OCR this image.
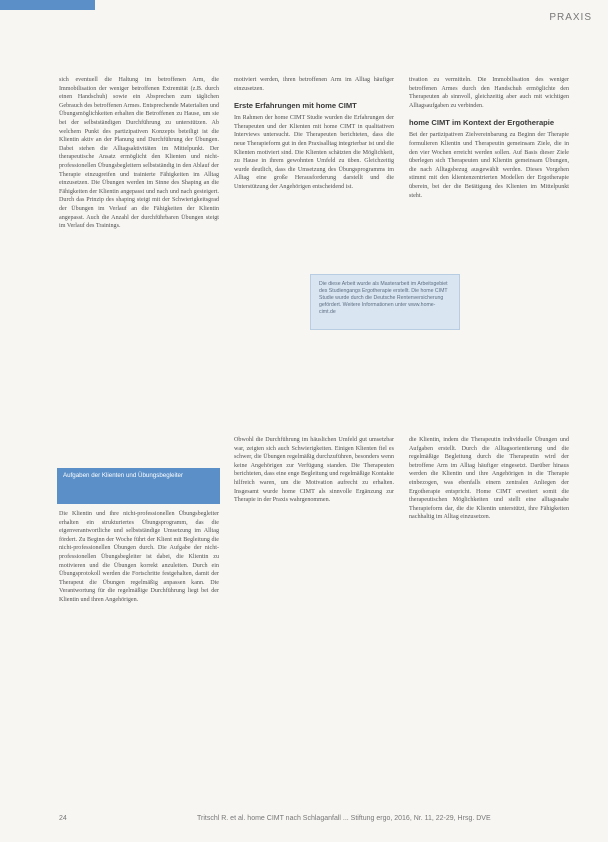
PRAXIS

sich eventuell die Haltung im betroffenen Arm, die Immobilisation der weniger betroffenen Extremität (z.B. durch einen Handschuh) sowie ein Absprechen zum täglichen Gebrauch des betroffenen Armes. Entsprechende Materialien und Übungsmöglichkeiten erhalten die Betroffenen zu Hause, um sie bei der selbstständigen Durchführung zu unterstützen. Ab welchem Punkt des partizipativen Konzepts beteiligt ist die Klientin aktiv an der Planung und Durchführung der Übungen. Dabei stehen die Alltagsaktivitäten im Mittelpunkt. Der therapeutische Ansatz ermöglicht den Klienten und nicht-professionellen Übungsbegleitern selbstständig in den Ablauf der Therapie einzugreifen und trainierte Fähigkeiten im Alltag einzusetzen. Die Übungen werden im Sinne des Shaping an die Fähigkeiten der Klientin angepasst und nach und nach gesteigert. Durch das Prinzip des shaping steigt mit der Schwierigkeitsgrad der Übungen im Verlauf an die Fähigkeiten der Klientin angepasst. Auch die Anzahl der durchführbaren Übungen steigt im Verlauf des Trainings.

Aufgaben der Klienten und Übungsbegleiter

Die Klientin und ihre nicht-professionellen Übungsbegleiter erhalten ein strukturiertes Übungsprogramm, das die eigenverantwortliche und selbstständige Umsetzung im Alltag fördert. Zu Beginn der Woche führt der Klient mit Begleitung die nicht-professionellen Übungen durch. Die Aufgabe der nicht-professionellen Übungsbegleiter ist dabei, die Klientin zu motivieren und die Übungen korrekt anzuleiten. Durch ein Übungsprotokoll werden die Fortschritte festgehalten, damit der Therapeut die Übungen regelmäßig anpassen kann. Die Verantwortung für die regelmäßige Durchführung liegt bei der Klientin und ihren Angehörigen.

motiviert werden, ihren betroffenen Arm im Alltag häufiger einzusetzen.

Erste Erfahrungen mit home CIMT

Im Rahmen der home CIMT Studie wurden die Erfahrungen der Therapeuten und der Klienten mit home CIMT in qualitativen Interviews untersucht. Die Therapeuten berichteten, dass die neue Therapieform gut in den Praxisalltag integrierbar ist und die Klienten motiviert sind. Die Klienten schätzten die Möglichkeit, zu Hause in ihrem gewohnten Umfeld zu üben. Gleichzeitig wurde deutlich, dass die Umsetzung des Übungsprogramms im Alltag eine große Herausforderung darstellt und die Unterstützung der Angehörigen entscheidend ist.

Obwohl die Durchführung im häuslichen Umfeld gut umsetzbar war, zeigten sich auch Schwierigkeiten. Einigen Klienten fiel es schwer, die Übungen regelmäßig durchzuführen, besonders wenn keine Angehörigen zur Verfügung standen. Die Therapeuten berichteten, dass eine enge Begleitung und regelmäßige Kontakte hilfreich waren, um die Motivation aufrecht zu erhalten. Insgesamt wurde home CIMT als sinnvolle Ergänzung zur Therapie in der Praxis wahrgenommen.

Die diese Arbeit wurde als Masterarbeit im Arbeitsgebiet des Studiengangs Ergotherapie erstellt. Die home CIMT Studie wurde durch die Deutsche Rentenversicherung gefördert. Weitere Informationen unter www.home-cimt.de

tivation zu vermitteln. Die Immobilisation des weniger betroffenen Armes durch den Handschuh ermöglichte den Therapeuten ab sinnvoll, gleichzeitig aber auch mit wichtigen Alltagsaufgaben zu verbinden.

home CIMT im Kontext der Ergotherapie

Bei der partizipativen Zielvereinbarung zu Beginn der Therapie formulieren Klientin und Therapeutin gemeinsam Ziele, die in den vier Wochen erreicht werden sollen. Auf Basis dieser Ziele überlegen sich Therapeuten und Klientin gemeinsam Übungen, die nach Alltagsbezug ausgewählt werden. Dieses Vorgehen stimmt mit den klientenzentrierten Modellen der Ergotherapie überein, bei der die Betätigung des Klienten im Mittelpunkt steht.

die Klientin, indem die Therapeutin individuelle Übungen und Aufgaben erstellt. Durch die Alltagsorientierung und die regelmäßige Begleitung durch die Therapeutin wird der betroffene Arm im Alltag häufiger eingesetzt. Darüber hinaus werden die Klientin und ihre Angehörigen in die Therapie einbezogen, was ebenfalls einem zentralen Anliegen der Ergotherapie entspricht. Home CIMT erweitert somit die therapeutischen Möglichkeiten und stellt eine alltagsnahe Therapieform dar, die die Klientin unterstützt, ihre Fähigkeiten nachhaltig im Alltag einzusetzen.

24	Tritschl R. et al. home CIMT nach Schlaganfall ... Stiftung ergo, 2016, Nr. 11, 22-29, Hrsg. DVE
